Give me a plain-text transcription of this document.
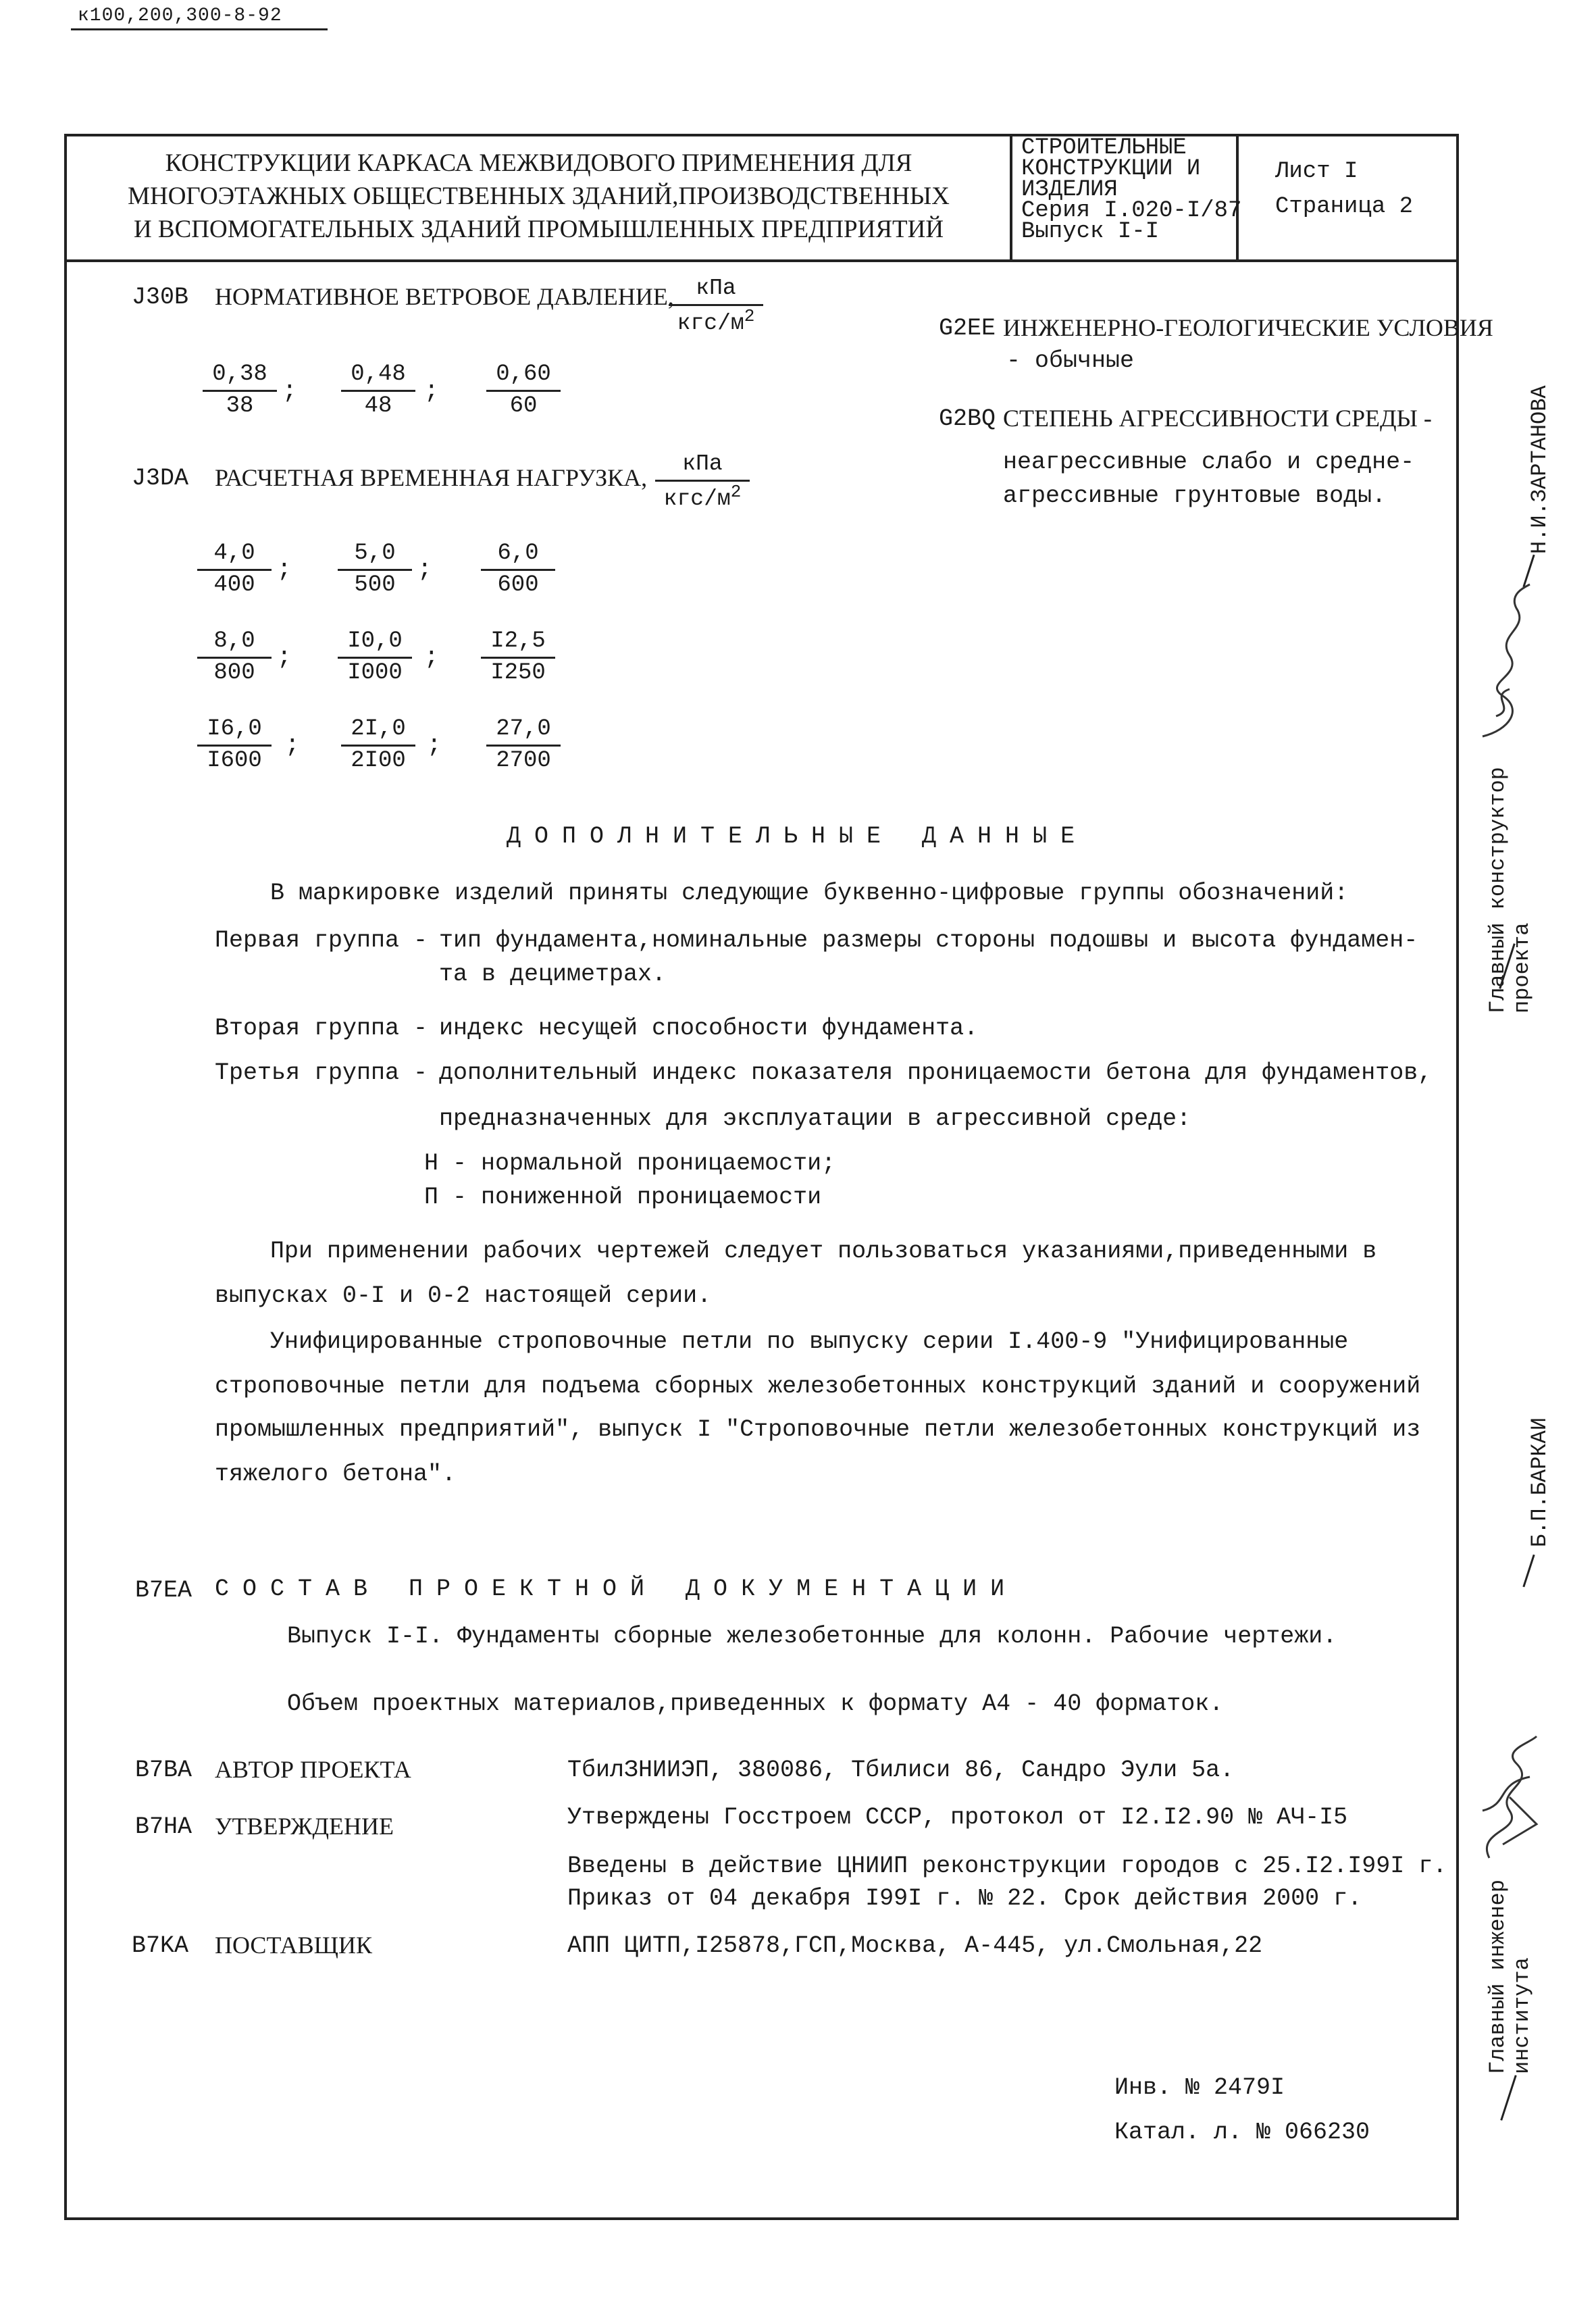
к100,200,300-8-92
КОНСТРУКЦИИ КАРКАСА МЕЖВИДОВОГО ПРИМЕНЕНИЯ ДЛЯ
МНОГОЭТАЖНЫХ ОБЩЕСТВЕННЫХ ЗДАНИЙ,ПРОИЗВОДСТВЕННЫХ
И ВСПОМОГАТЕЛЬНЫХ ЗДАНИЙ ПРОМЫШЛЕННЫХ ПРЕДПРИЯТИЙ
СТРОИТЕЛЬНЫЕ
КОНСТРУКЦИИ И
ИЗДЕЛИЯ
Серия I.020-I/87
Выпуск I-I
Лист I
Страница 2
J30B НОРМАТИВНОЕ ВЕТРОВОЕ ДАВЛЕНИЕ, кПа
кгс/$м^2$
$\frac{0,38}{38}$ ; $\frac{0,48}{48}$ ; $\frac{0,60}{60}$
J3DA РАСЧЕТНАЯ ВРЕМЕННАЯ НАГРУЗКА,
кПа
кгс/$м^2$
$\frac{4,0}{400}$ ; $\frac{5,0}{500}$ ; $\frac{6,0}{600}$
$\frac{8,0}{800}$ ; $\frac{I0,0}{I000}$ ; $\frac{I2,5}{I250}$
$\frac{I6,0}{I600}$ ; $\frac{2I,0}{2I00}$ ; $\frac{27,0}{2700}$
G2EE ИНЖЕНЕРНО-ГЕОЛОГИЧЕСКИЕ УСЛОВИЯ
- обычные
G2BQ СТЕПЕНЬ АГРЕССИВНОСТИ СРЕДЫ -
неагрессивные слабо и средне-
агрессивные грунтовые воды.
ДОПОЛНИТЕЛЬНЫЕ ДАННЫЕ
В маркировке изделий приняты следующие буквенно-цифровые группы обозначений:
Первая группа - тип фундамента,номинальные размеры стороны подошвы и высота фундамен-
та в дециметрах.
Вторая группа - индекс несущей способности фундамента.
Третья группа - дополнительный индекс показателя проницаемости бетона для фундаментов,
предназначенных для эксплуатации в агрессивной среде:
Н - нормальной проницаемости;
П - пониженной проницаемости
При применении рабочих чертежей следует пользоваться указаниями,приведенными в
выпусках 0-I и 0-2 настоящей серии.
Унифицированные строповочные петли по выпуску серии I.400-9 "Унифицированные
строповочные петли для подъема сборных железобетонных конструкций зданий и сооружений
промышленных предприятий", выпуск I "Строповочные петли железобетонных конструкций из
тяжелого бетона".
B7EA СОСТАВ ПРОЕКТНОЙ ДОКУМЕНТАЦИИ
Выпуск I-I. Фундаменты сборные железобетонные для колонн. Рабочие чертежи.
Объем проектных материалов,приведенных к формату А4 - 40 форматок.
B7BA АВТОР ПРОЕКТА	ТбилЗНИИЭП, 380086, Тбилиси 86, Сандро Эули 5а.
B7HA УТВЕРЖДЕНИЕ	Утверждены Госстроем СССР, протокол от I2.I2.90 № АЧ-I5
Введены в действие ЦНИИП реконструкции городов с 25.I2.I99I г.
Приказ от 04 декабря I99I г. № 22. Срок действия 2000 г.
B7KA ПОСТАВЩИК	АПП ЦИТП,I25878,ГСП,Москва, А-445, ул.Смольная,22
Инв. № 2479I
Катал. л. № 066230
Главный конструктор проекта
Н.И.ЗАРТАНОВА
Б.П.БАРКАИ
Главный инженер института
